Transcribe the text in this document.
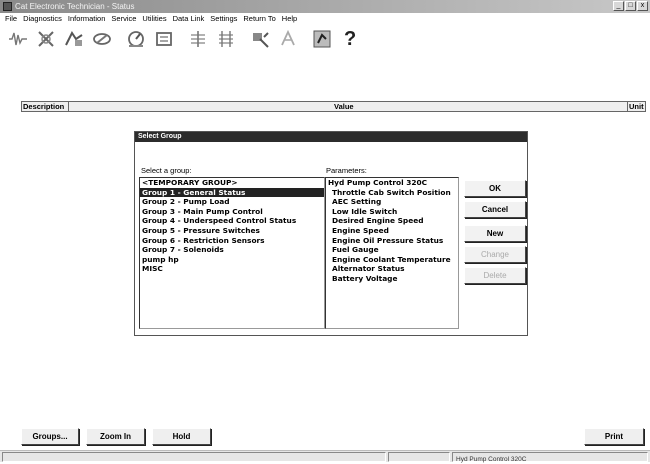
Cat Electronic Technician - Status	_	□	x
File Diagnostics Information Service Utilities Data Link Settings Return To Help
?
Description	Value	Unit
Select Group
Select a group:	Parameters:
<TEMPORARY GROUP>
Group 1 - General Status
Group 2 - Pump Load
Group 3 - Main Pump Control
Group 4 - Underspeed Control Status
Group 5 - Pressure Switches
Group 6 - Restriction Sensors
Group 7 - Solenoids
pump hp
MISC
Hyd Pump Control 320C
Throttle Cab Switch Position
AEC Setting
Low Idle Switch
Desired Engine Speed
Engine Speed
Engine Oil Pressure Status
Fuel Gauge
Engine Coolant Temperature
Alternator Status
Battery Voltage
OK
Cancel
New
Change
Delete
Groups...	Zoom In	Hold	Print
Hyd Pump Control 320C
